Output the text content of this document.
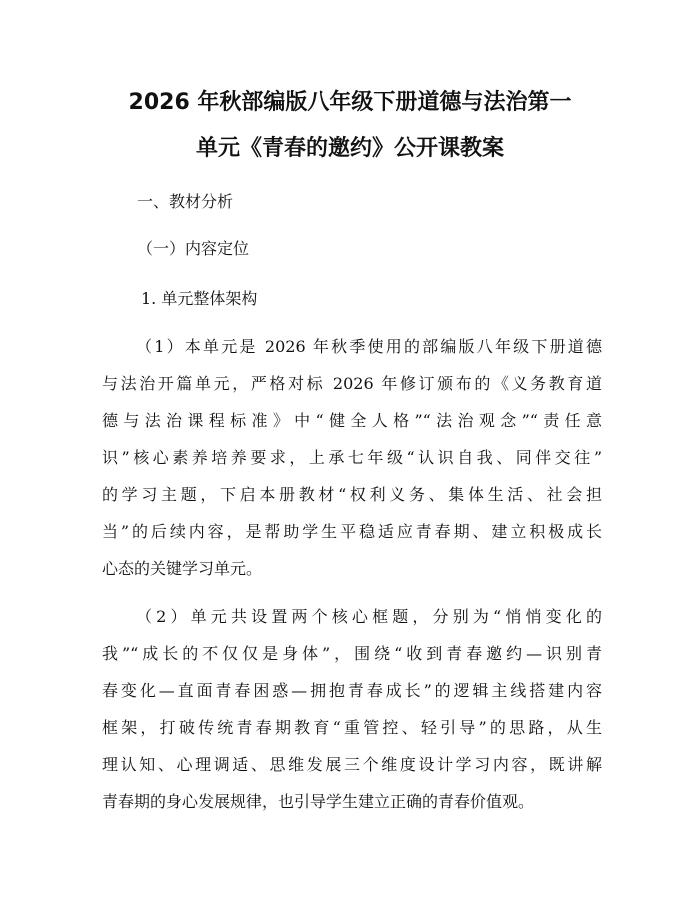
2026 年秋部编版八年级下册道德与法治第一
单元《青春的邀约》公开课教案
一、教材分析
（一）内容定位
1. 单元整体架构
（1）本单元是 2026 年秋季使用的部编版八年级下册道德
与法治开篇单元，严格对标 2026 年修订颁布的《义务教育道
德与法治课程标准》中“健全人格”“法治观念”“责任意
识”核心素养培养要求，上承七年级“认识自我、同伴交往”
的学习主题，下启本册教材“权利义务、集体生活、社会担
当”的后续内容，是帮助学生平稳适应青春期、建立积极成长
心态的关键学习单元。
（2）单元共设置两个核心框题，分别为“悄悄变化的
我”“成长的不仅仅是身体”，围绕“收到青春邀约—识别青
春变化—直面青春困惑—拥抱青春成长”的逻辑主线搭建内容
框架，打破传统青春期教育“重管控、轻引导”的思路，从生
理认知、心理调适、思维发展三个维度设计学习内容，既讲解
青春期的身心发展规律，也引导学生建立正确的青春价值观。
